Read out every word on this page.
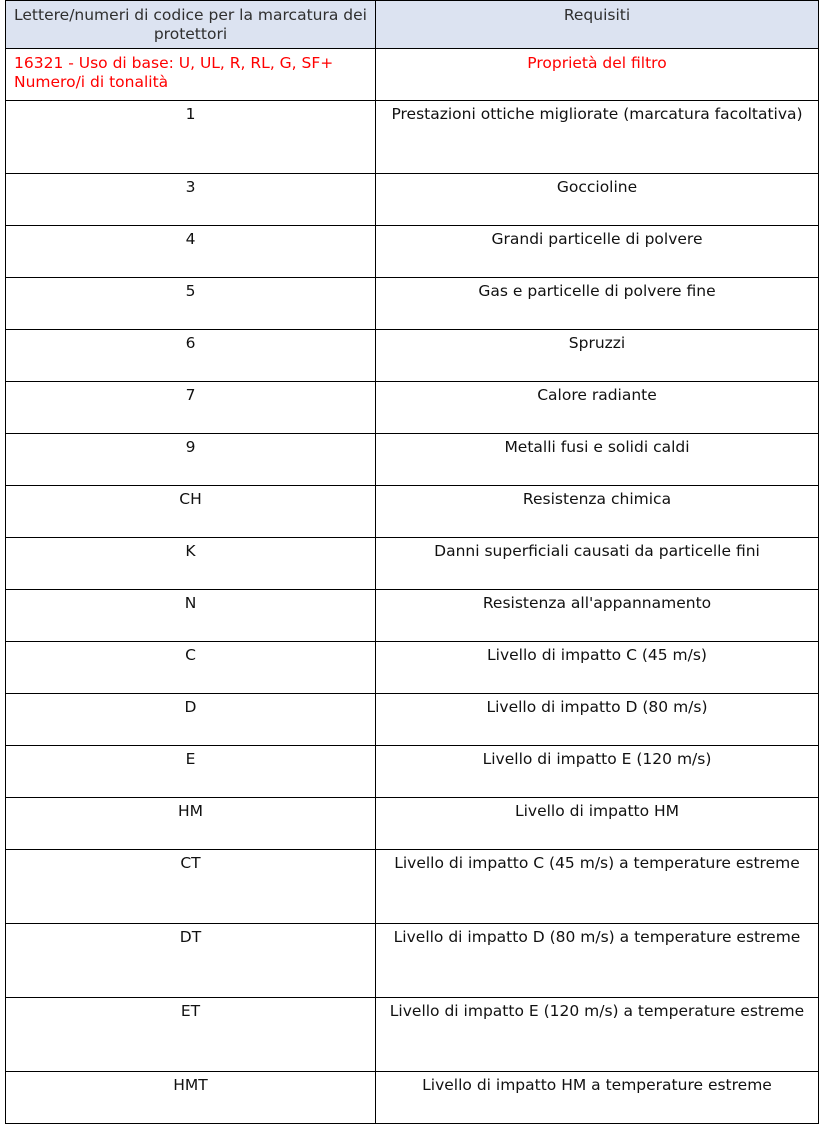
Lettere/numeri di codice per la marcatura dei protettori	Requisiti
16321 - Uso di base: U, UL, R, RL, G, SF+ Numero/i di tonalità	Proprietà del filtro
1	Prestazioni ottiche migliorate (marcatura facoltativa)
3	Goccioline
4	Grandi particelle di polvere
5	Gas e particelle di polvere fine
6	Spruzzi
7	Calore radiante
9	Metalli fusi e solidi caldi
CH	Resistenza chimica
K	Danni superficiali causati da particelle fini
N	Resistenza all'appannamento
C	Livello di impatto C (45 m/s)
D	Livello di impatto D (80 m/s)
E	Livello di impatto E (120 m/s)
HM	Livello di impatto HM
CT	Livello di impatto C (45 m/s) a temperature estreme
DT	Livello di impatto D (80 m/s) a temperature estreme
ET	Livello di impatto E (120 m/s) a temperature estreme
HMT	Livello di impatto HM a temperature estreme
